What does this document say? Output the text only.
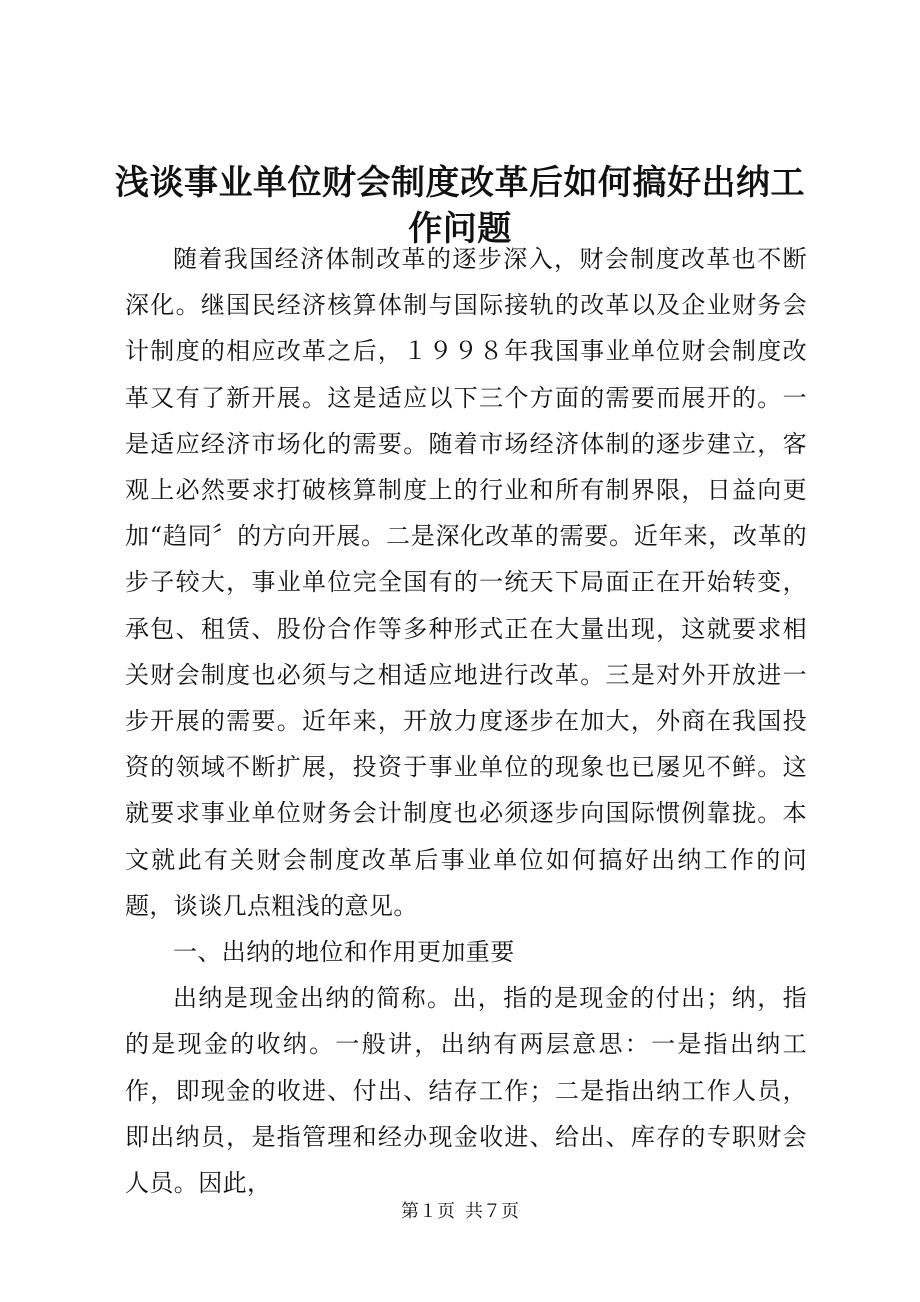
浅谈事业单位财会制度改革后如何搞好出纳工作问题

随着我国经济体制改革的逐步深入，财会制度改革也不断深化。继国民经济核算体制与国际接轨的改革以及企业财务会计制度的相应改革之后，１９９８年我国事业单位财会制度改革又有了新开展。这是适应以下三个方面的需要而展开的。一是适应经济市场化的需要。随着市场经济体制的逐步建立，客观上必然要求打破核算制度上的行业和所有制界限，日益向更加“趋同〞的方向开展。二是深化改革的需要。近年来，改革的步子较大，事业单位完全国有的一统天下局面正在开始转变，承包、租赁、股份合作等多种形式正在大量出现，这就要求相关财会制度也必须与之相适应地进行改革。三是对外开放进一步开展的需要。近年来，开放力度逐步在加大，外商在我国投资的领域不断扩展，投资于事业单位的现象也已屡见不鲜。这就要求事业单位财务会计制度也必须逐步向国际惯例靠拢。本文就此有关财会制度改革后事业单位如何搞好出纳工作的问题，谈谈几点粗浅的意见。

一、出纳的地位和作用更加重要

出纳是现金出纳的简称。出，指的是现金的付出；纳，指的是现金的收纳。一般讲，出纳有两层意思：一是指出纳工作，即现金的收进、付出、结存工作；二是指出纳工作人员，即出纳员，是指管理和经办现金收进、给出、库存的专职财会人员。因此，

第１页 共７页
